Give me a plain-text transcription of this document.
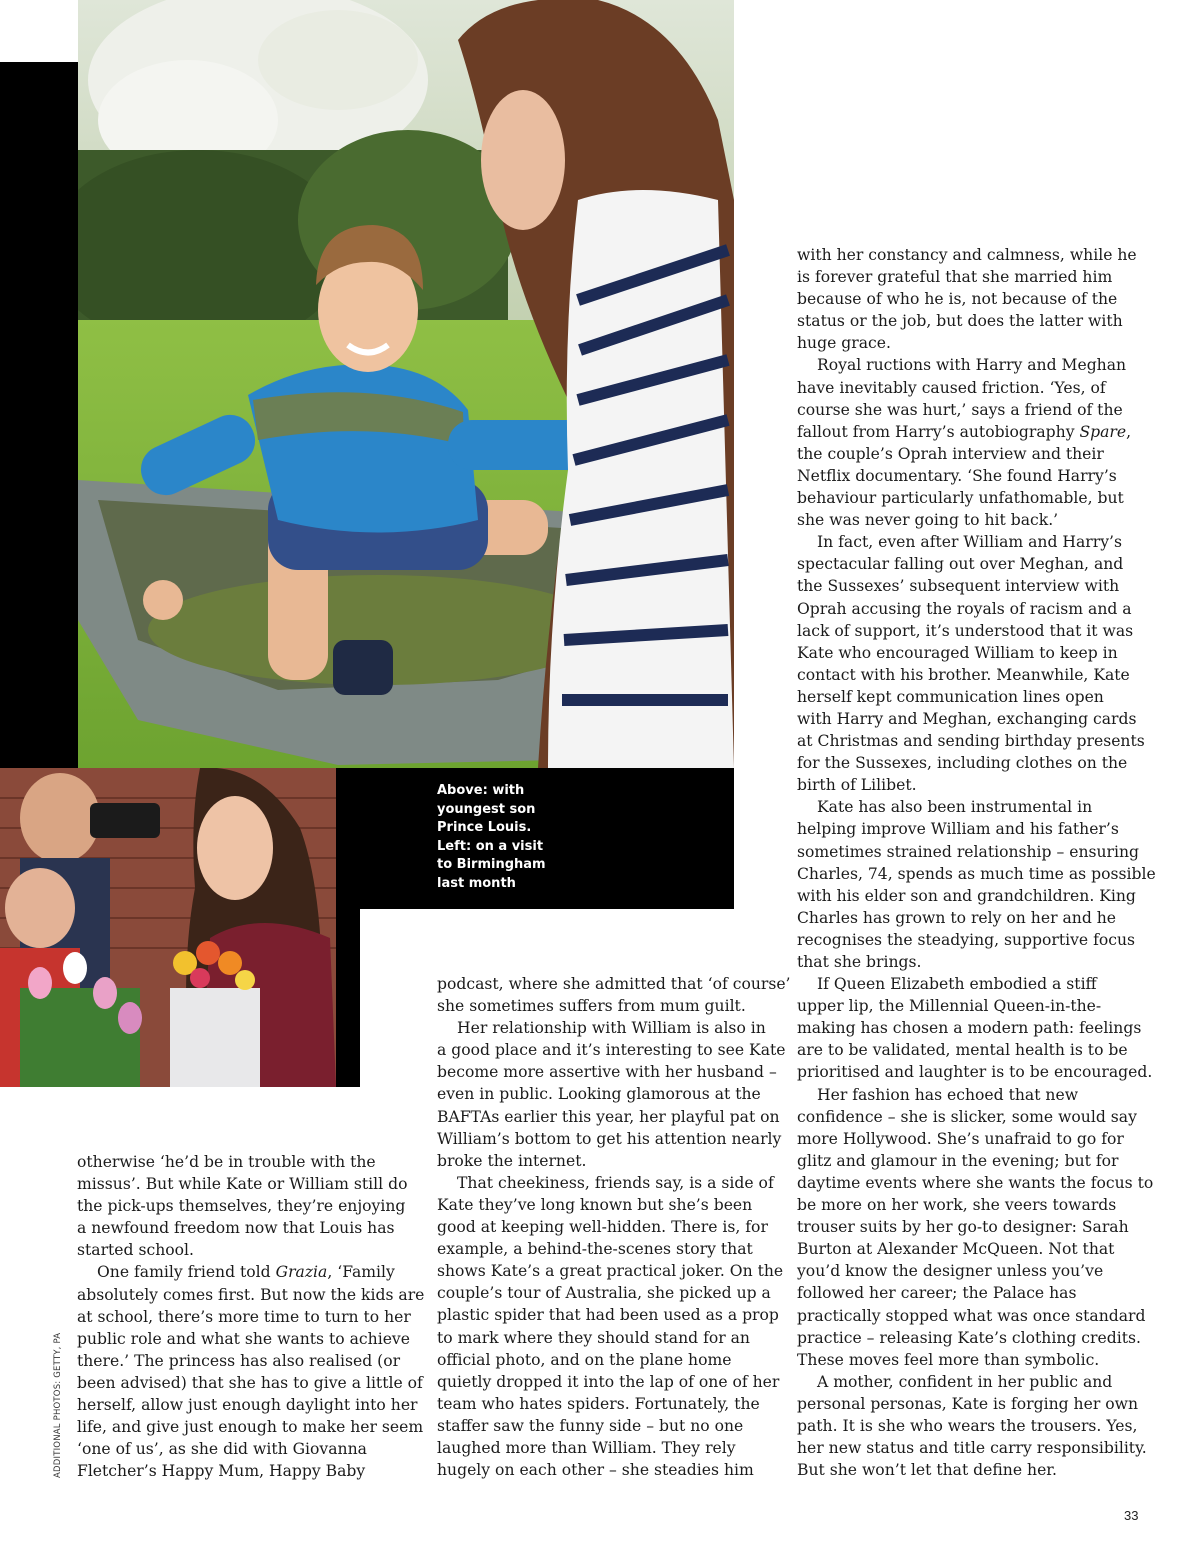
Above: with
youngest son
Prince Louis.
Left: on a visit
to Birmingham
last month
otherwise ‘he’d be in trouble with the
missus’. But while Kate or William still do
the pick-ups themselves, they’re enjoying
a newfound freedom now that Louis has
started school.
One family friend told Grazia, ‘Family
absolutely comes first. But now the kids are
at school, there’s more time to turn to her
public role and what she wants to achieve
there.’ The princess has also realised (or
been advised) that she has to give a little of
herself, allow just enough daylight into her
life, and give just enough to make her seem
‘one of us’, as she did with Giovanna
Fletcher’s Happy Mum, Happy Baby
podcast, where she admitted that ‘of course’
she sometimes suffers from mum guilt.
Her relationship with William is also in
a good place and it’s interesting to see Kate
become more assertive with her husband –
even in public. Looking glamorous at the
BAFTAs earlier this year, her playful pat on
William’s bottom to get his attention nearly
broke the internet.
That cheekiness, friends say, is a side of
Kate they’ve long known but she’s been
good at keeping well-hidden. There is, for
example, a behind-the-scenes story that
shows Kate’s a great practical joker. On the
couple’s tour of Australia, she picked up a
plastic spider that had been used as a prop
to mark where they should stand for an
official photo, and on the plane home
quietly dropped it into the lap of one of her
team who hates spiders. Fortunately, the
staffer saw the funny side – but no one
laughed more than William. They rely
hugely on each other – she steadies him
with her constancy and calmness, while he
is forever grateful that she married him
because of who he is, not because of the
status or the job, but does the latter with
huge grace.
Royal ructions with Harry and Meghan
have inevitably caused friction. ‘Yes, of
course she was hurt,’ says a friend of the
fallout from Harry’s autobiography Spare,
the couple’s Oprah interview and their
Netflix documentary. ‘She found Harry’s
behaviour particularly unfathomable, but
she was never going to hit back.’
In fact, even after William and Harry’s
spectacular falling out over Meghan, and
the Sussexes’ subsequent interview with
Oprah accusing the royals of racism and a
lack of support, it’s understood that it was
Kate who encouraged William to keep in
contact with his brother. Meanwhile, Kate
herself kept communication lines open
with Harry and Meghan, exchanging cards
at Christmas and sending birthday presents
for the Sussexes, including clothes on the
birth of Lilibet.
Kate has also been instrumental in
helping improve William and his father’s
sometimes strained relationship – ensuring
Charles, 74, spends as much time as possible
with his elder son and grandchildren. King
Charles has grown to rely on her and he
recognises the steadying, supportive focus
that she brings.
If Queen Elizabeth embodied a stiff
upper lip, the Millennial Queen-in-the-
making has chosen a modern path: feelings
are to be validated, mental health is to be
prioritised and laughter is to be encouraged.
Her fashion has echoed that new
confidence – she is slicker, some would say
more Hollywood. She’s unafraid to go for
glitz and glamour in the evening; but for
daytime events where she wants the focus to
be more on her work, she veers towards
trouser suits by her go-to designer: Sarah
Burton at Alexander McQueen. Not that
you’d know the designer unless you’ve
followed her career; the Palace has
practically stopped what was once standard
practice – releasing Kate’s clothing credits.
These moves feel more than symbolic.
A mother, confident in her public and
personal personas, Kate is forging her own
path. It is she who wears the trousers. Yes,
her new status and title carry responsibility.
But she won’t let that define her.
ADDITIONAL PHOTOS: GETTY, PA
33
